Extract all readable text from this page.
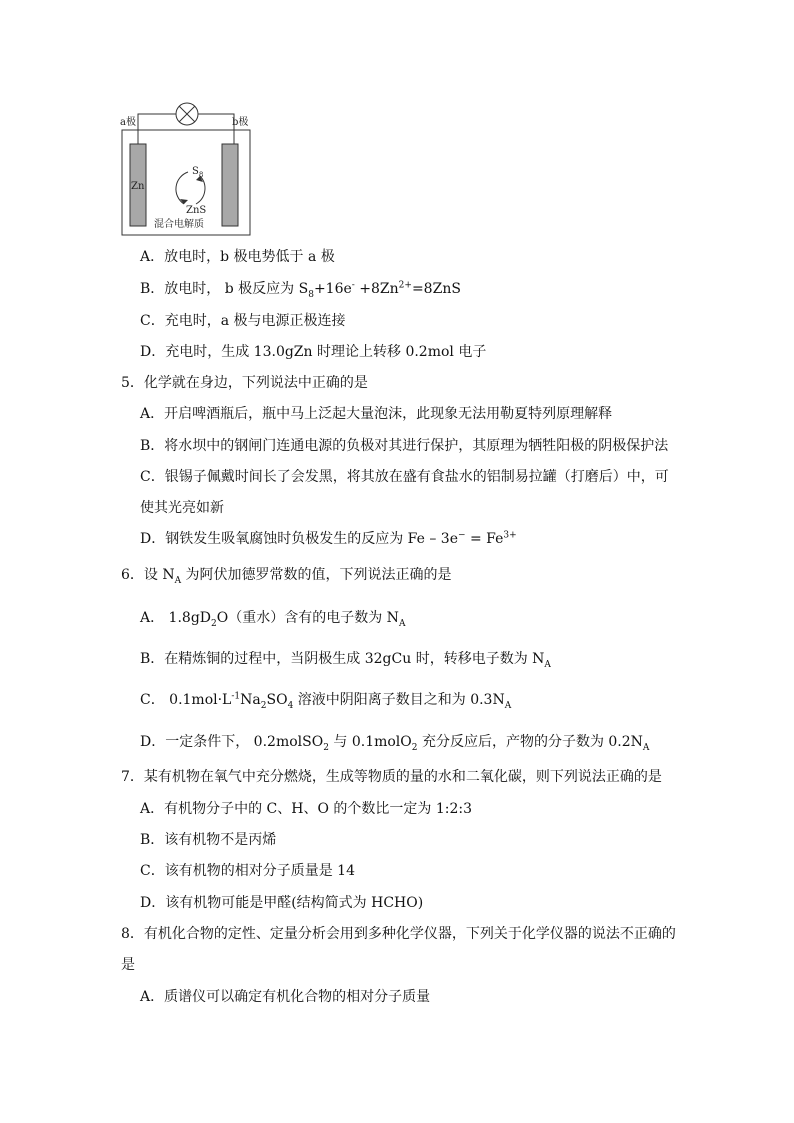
a极	b极
Zn
$S_8$
ZnS
混合电解质
A．放电时，b 极电势低于 a 极
B．放电时， b 极反应为 $S_8+16e^- +8Zn^{2+}=8ZnS$
C．充电时，a 极与电源正极连接
D．充电时，生成 13.0gZn 时理论上转移 0.2mol 电子
5．化学就在身边，下列说法中正确的是
A．开启啤酒瓶后，瓶中马上泛起大量泡沫，此现象无法用勒夏特列原理解释
B．将水坝中的钢闸门连通电源的负极对其进行保护，其原理为牺牲阳极的阴极保护法
C．银锡子佩戴时间长了会发黑，将其放在盛有食盐水的铝制易拉罐（打磨后）中，可
使其光亮如新
D．钢铁发生吸氧腐蚀时负极发生的反应为 $Fe - 3e^- = Fe^{3+}$
6．设 $N_A$ 为阿伏加德罗常数的值，下列说法正确的是
A． $1.8gD_2O$（重水）含有的电子数为 $N_A$
B．在精炼铜的过程中，当阴极生成 32gCu 时，转移电子数为 $N_A$
C． $0.1mol\cdot L^{-1}Na_2SO_4$ 溶液中阴阳离子数目之和为 $0.3N_A$
D．一定条件下， 0.2molSO$_2$ 与 0.1molO$_2$ 充分反应后，产物的分子数为 $0.2N_A$
7．某有机物在氧气中充分燃烧，生成等物质的量的水和二氧化碳，则下列说法正确的是
A．有机物分子中的 C、H、O 的个数比一定为 1:2:3
B．该有机物不是丙烯
C．该有机物的相对分子质量是 14
D．该有机物可能是甲醛(结构简式为 HCHO)
8．有机化合物的定性、定量分析会用到多种化学仪器，下列关于化学仪器的说法不正确的
是
A．质谱仪可以确定有机化合物的相对分子质量
